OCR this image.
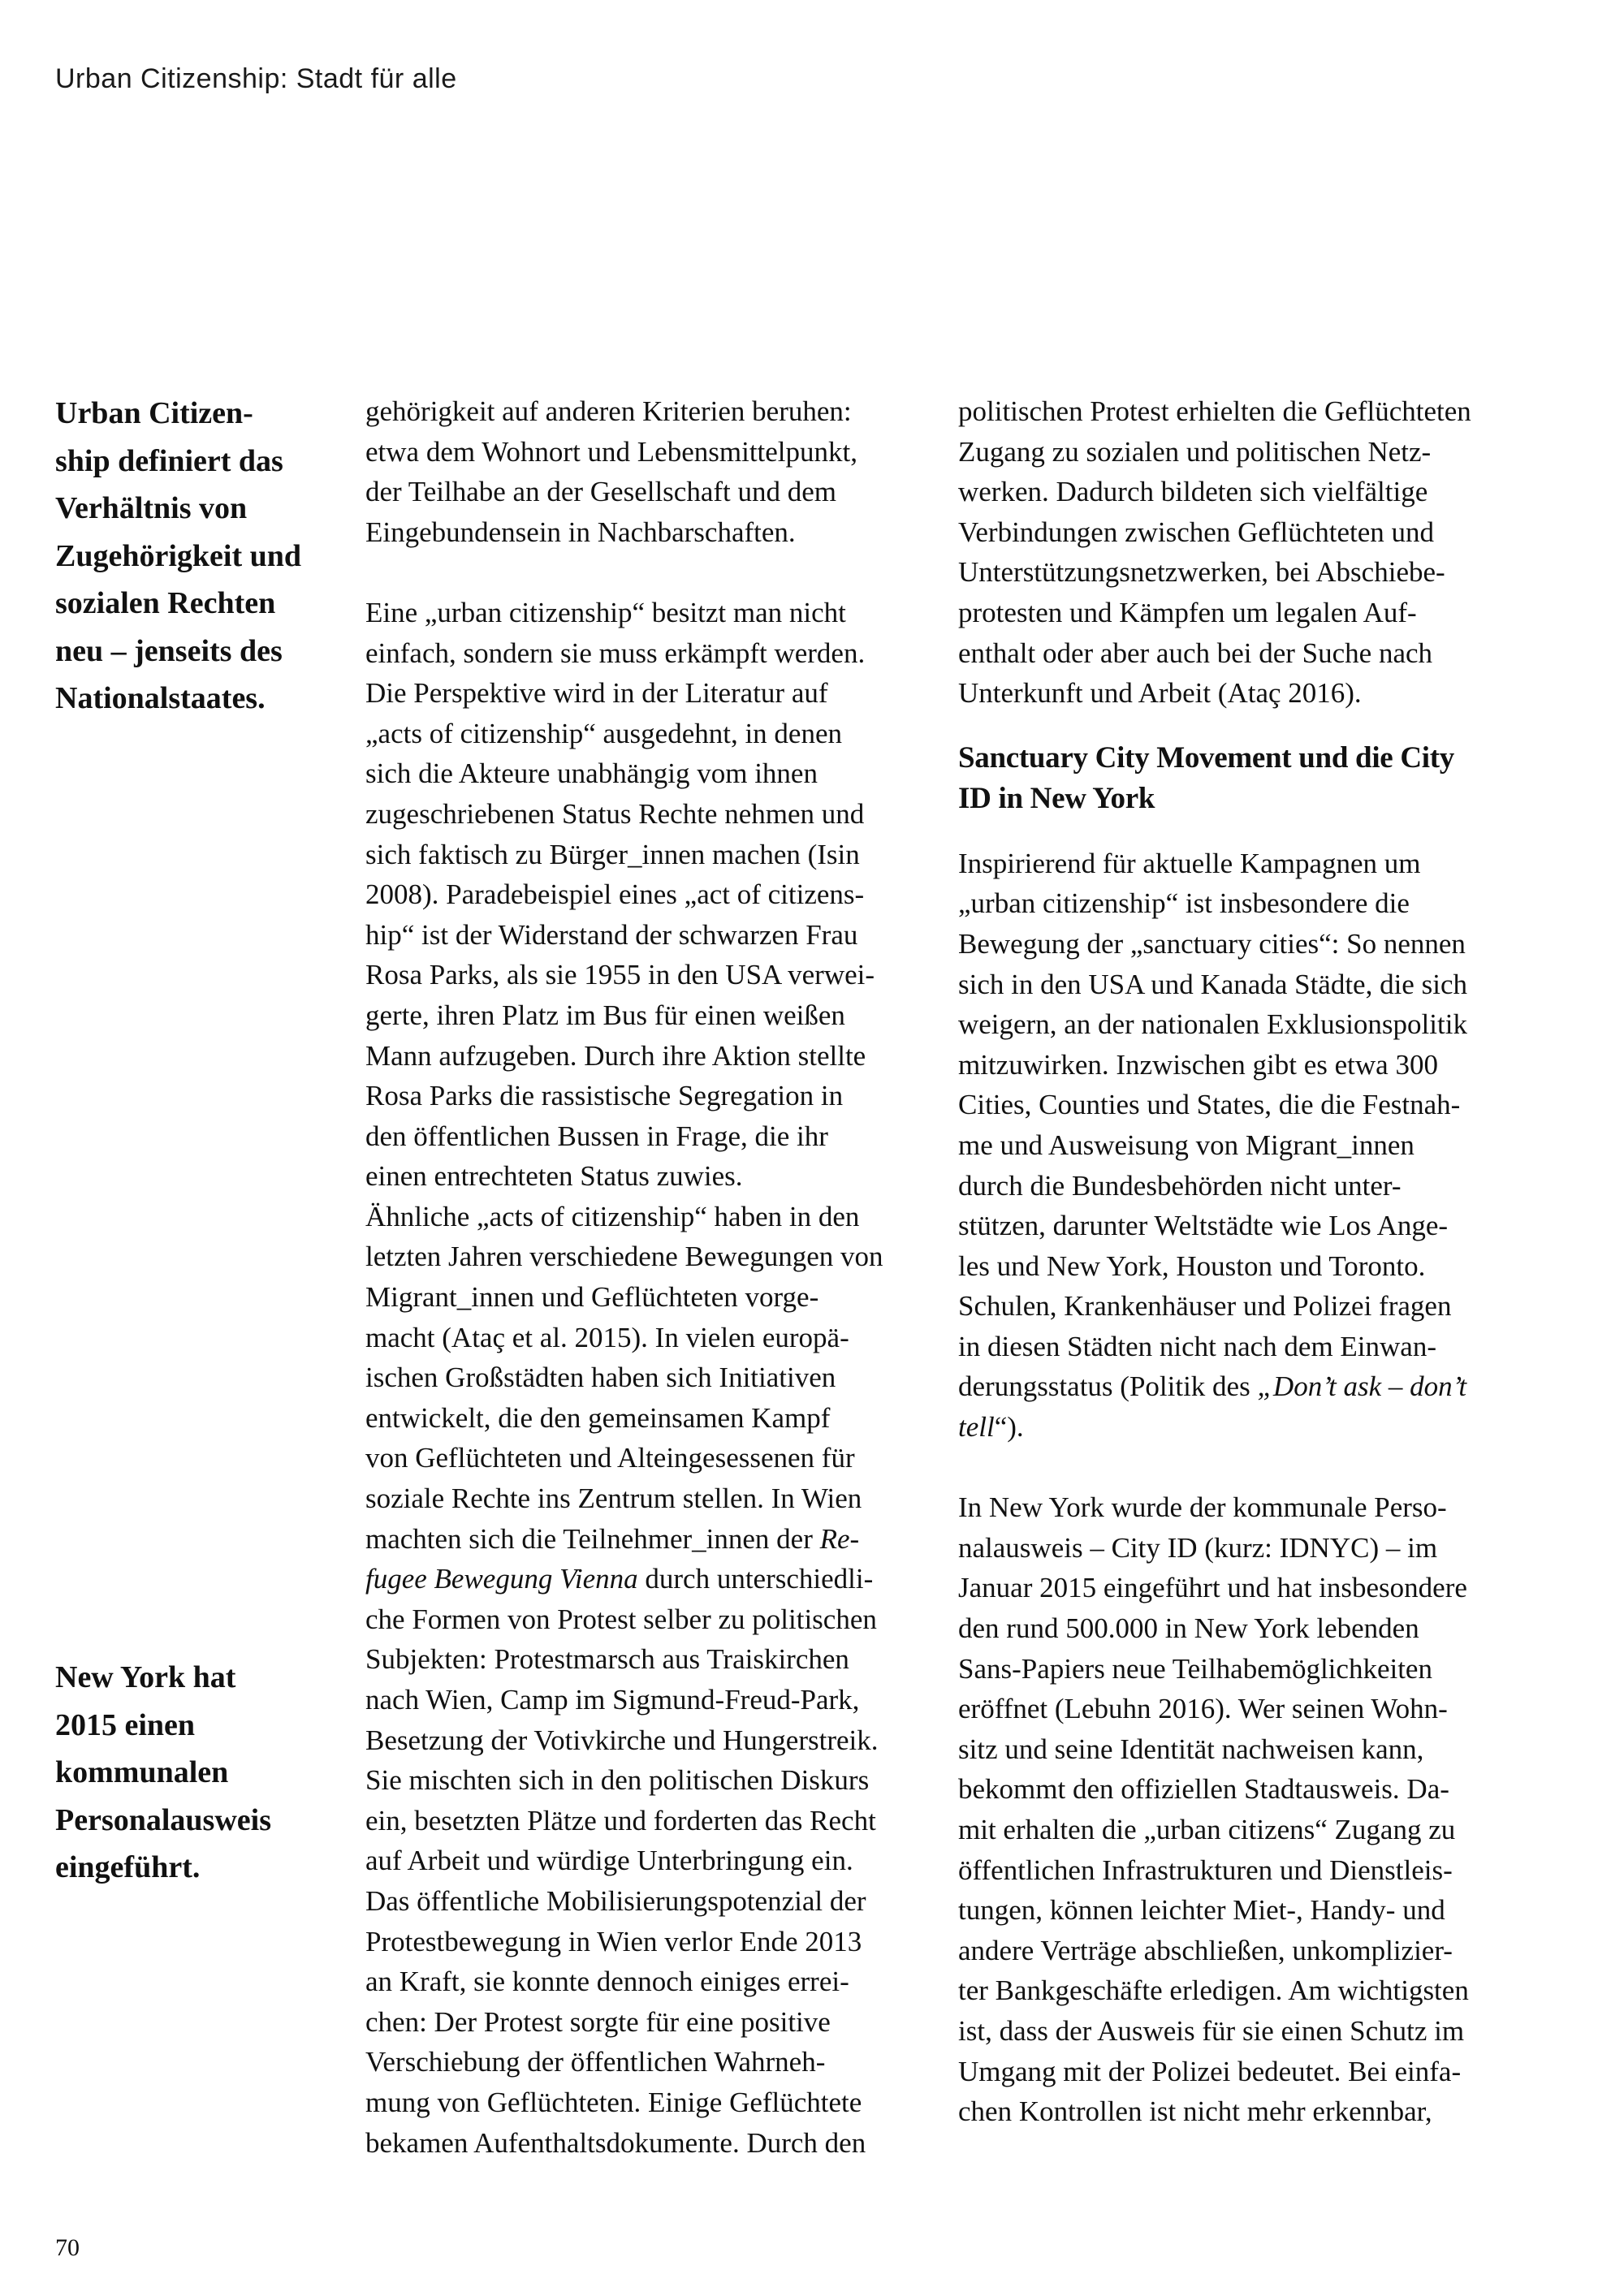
Urban Citizenship: Stadt für alle
Urban Citizen-
ship definiert das
Verhältnis von
Zugehörigkeit und
sozialen Rechten
neu – jenseits des
Nationalstaates.
New York hat
2015 einen
kommunalen
Personalausweis
eingeführt.
gehörigkeit auf anderen Kriterien beruhen:
etwa dem Wohnort und Lebensmittelpunkt,
der Teilhabe an der Gesellschaft und dem
Eingebundensein in Nachbarschaften.
Eine „urban citizenship“ besitzt man nicht
einfach, sondern sie muss erkämpft werden.
Die Perspektive wird in der Literatur auf
„acts of citizenship“ ausgedehnt, in denen
sich die Akteure unabhängig vom ihnen
zugeschriebenen Status Rechte nehmen und
sich faktisch zu Bürger_innen machen (Isin
2008). Paradebeispiel eines „act of citizens-
hip“ ist der Widerstand der schwarzen Frau
Rosa Parks, als sie 1955 in den USA verwei-
gerte, ihren Platz im Bus für einen weißen
Mann aufzugeben. Durch ihre Aktion stellte
Rosa Parks die rassistische Segregation in
den öffentlichen Bussen in Frage, die ihr
einen entrechteten Status zuwies.
Ähnliche „acts of citizenship“ haben in den
letzten Jahren verschiedene Bewegungen von
Migrant_innen und Geflüchteten vorge-
macht (Ataç et al. 2015). In vielen europä-
ischen Großstädten haben sich Initiativen
entwickelt, die den gemeinsamen Kampf
von Geflüchteten und Alteingesessenen für
soziale Rechte ins Zentrum stellen. In Wien
machten sich die Teilnehmer_innen der Re-
fugee Bewegung Vienna durch unterschiedli-
che Formen von Protest selber zu politischen
Subjekten: Protestmarsch aus Traiskirchen
nach Wien, Camp im Sigmund-Freud-Park,
Besetzung der Votivkirche und Hungerstreik.
Sie mischten sich in den politischen Diskurs
ein, besetzten Plätze und forderten das Recht
auf Arbeit und würdige Unterbringung ein.
Das öffentliche Mobilisierungspotenzial der
Protestbewegung in Wien verlor Ende 2013
an Kraft, sie konnte dennoch einiges errei-
chen: Der Protest sorgte für eine positive
Verschiebung der öffentlichen Wahrneh-
mung von Geflüchteten. Einige Geflüchtete
bekamen Aufenthaltsdokumente. Durch den
politischen Protest erhielten die Geflüchteten
Zugang zu sozialen und politischen Netz-
werken. Dadurch bildeten sich vielfältige
Verbindungen zwischen Geflüchteten und
Unterstützungsnetzwerken, bei Abschiebe-
protesten und Kämpfen um legalen Auf-
enthalt oder aber auch bei der Suche nach
Unterkunft und Arbeit (Ataç 2016).
Sanctuary City Movement und die City
ID in New York
Inspirierend für aktuelle Kampagnen um
„urban citizenship“ ist insbesondere die
Bewegung der „sanctuary cities“: So nennen
sich in den USA und Kanada Städte, die sich
weigern, an der nationalen Exklusionspolitik
mitzuwirken. Inzwischen gibt es etwa 300
Cities, Counties und States, die die Festnah-
me und Ausweisung von Migrant_innen
durch die Bundesbehörden nicht unter-
stützen, darunter Weltstädte wie Los Ange-
les und New York, Houston und Toronto.
Schulen, Krankenhäuser und Polizei fragen
in diesen Städten nicht nach dem Einwan-
derungsstatus (Politik des „Don’t ask – don’t
tell“).
In New York wurde der kommunale Perso-
nalausweis – City ID (kurz: IDNYC) – im
Januar 2015 eingeführt und hat insbesondere
den rund 500.000 in New York lebenden
Sans-Papiers neue Teilhabemöglichkeiten
eröffnet (Lebuhn 2016). Wer seinen Wohn-
sitz und seine Identität nachweisen kann,
bekommt den offiziellen Stadtausweis. Da-
mit erhalten die „urban citizens“ Zugang zu
öffentlichen Infrastrukturen und Dienstleis-
tungen, können leichter Miet-, Handy- und
andere Verträge abschließen, unkomplizier-
ter Bankgeschäfte erledigen. Am wichtigsten
ist, dass der Ausweis für sie einen Schutz im
Umgang mit der Polizei bedeutet. Bei einfa-
chen Kontrollen ist nicht mehr erkennbar,
70
